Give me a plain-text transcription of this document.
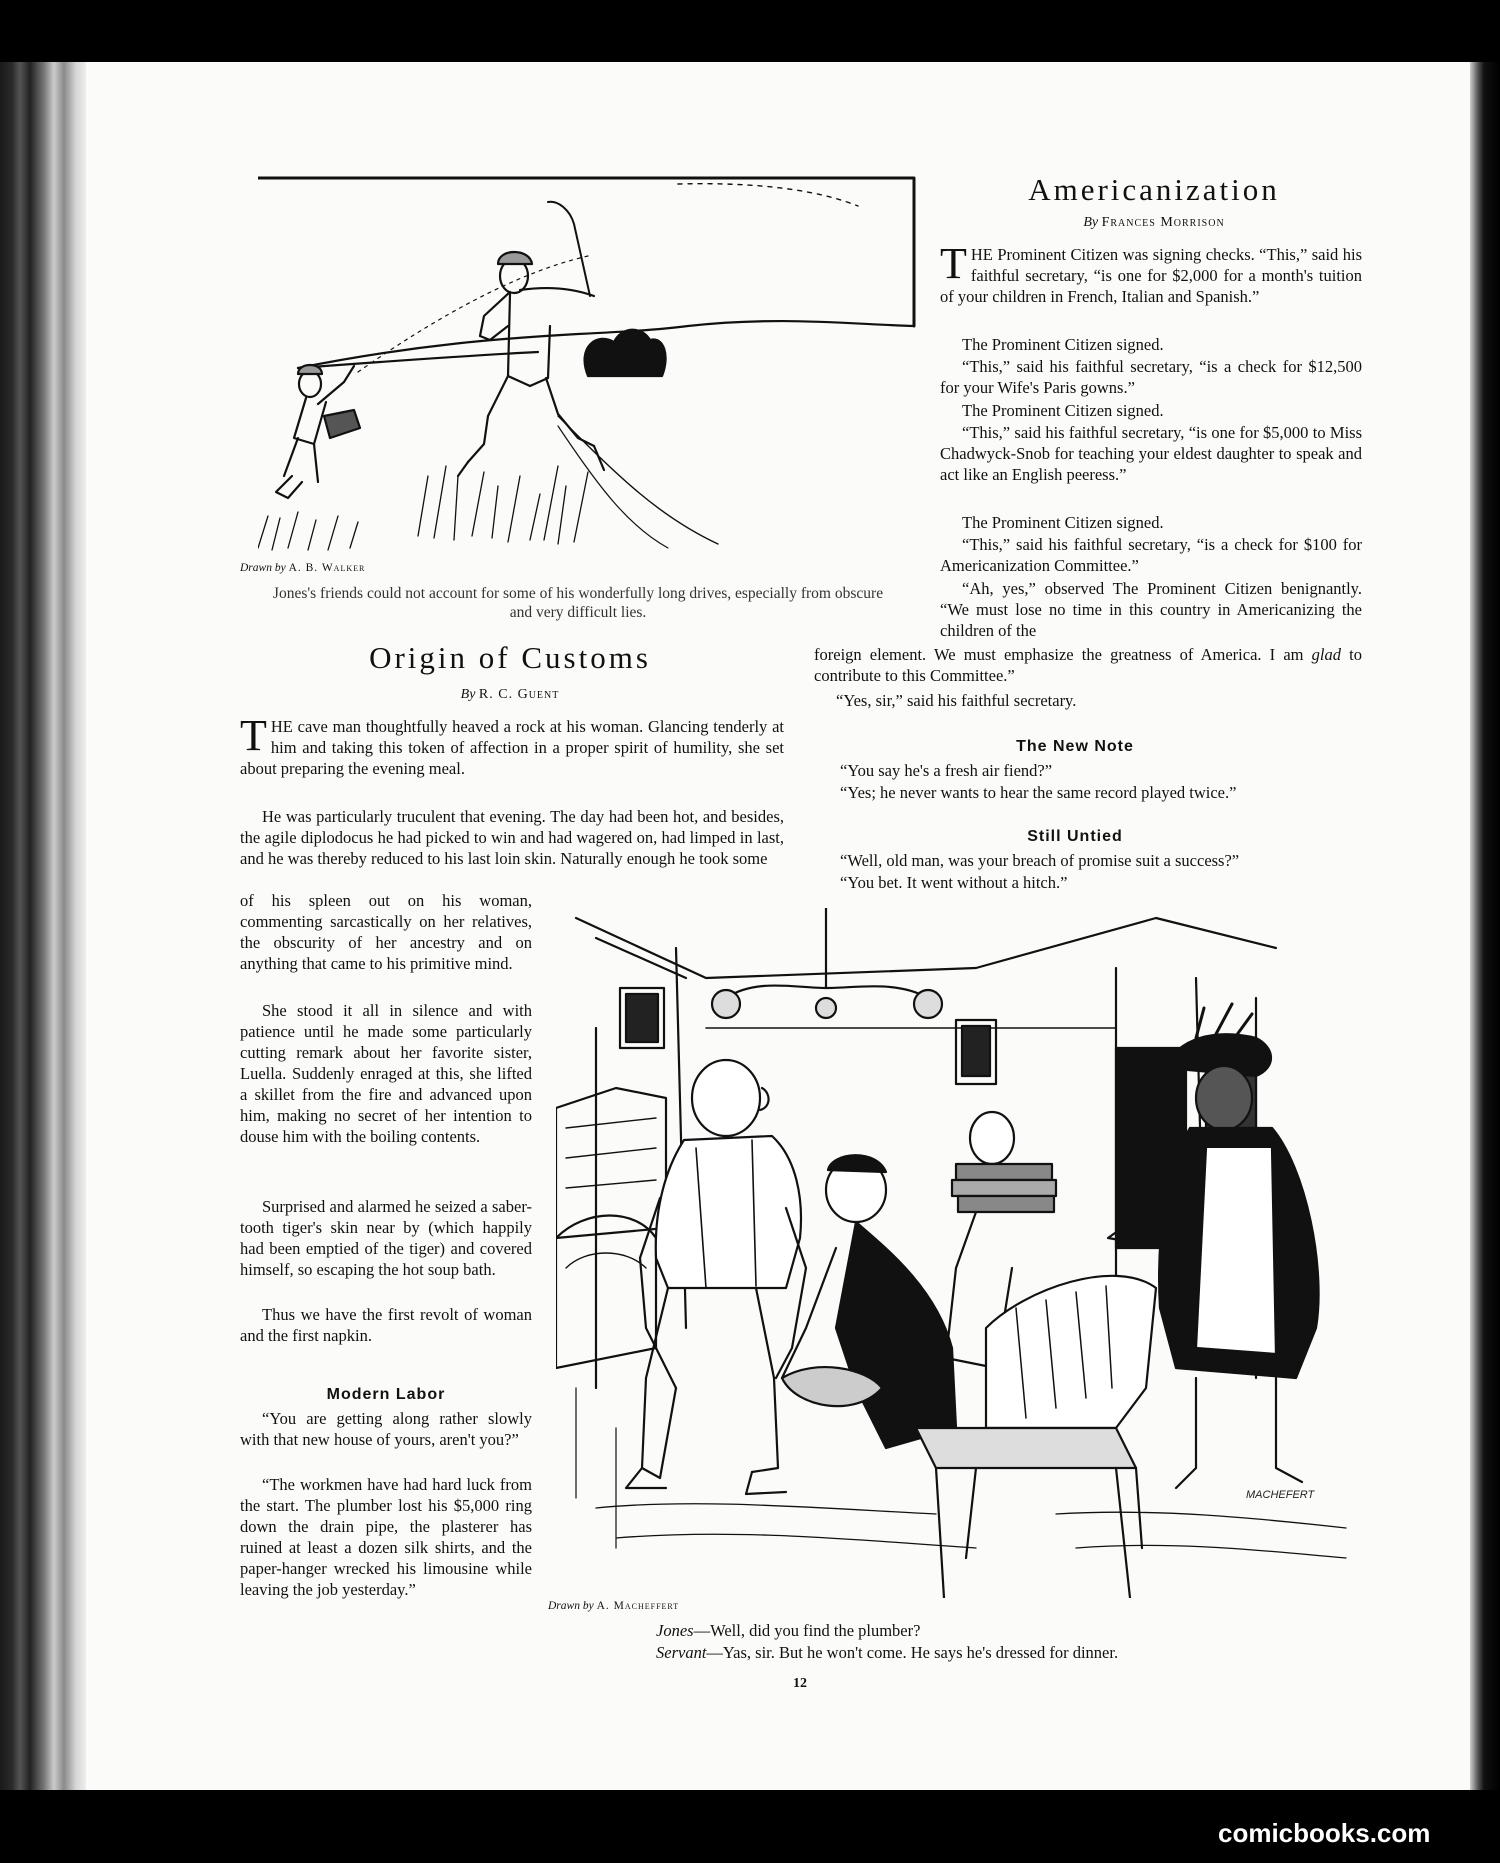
Drawn by A. B. Walker
Jones's friends could not account for some of his wonderfully long drives, especially from obscure and very difficult lies.
Americanization
By Frances Morrison
THE Prominent Citizen was signing checks. “This,” said his faithful secretary, “is one for $2,000 for a month's tuition of your children in French, Italian and Spanish.”
The Prominent Citizen signed.
“This,” said his faithful secretary, “is a check for $12,500 for your Wife's Paris gowns.”
The Prominent Citizen signed.
“This,” said his faithful secretary, “is one for $5,000 to Miss Chadwyck-Snob for teaching your eldest daughter to speak and act like an English peeress.”
The Prominent Citizen signed.
“This,” said his faithful secretary, “is a check for $100 for Americanization Committee.”
“Ah, yes,” observed The Prominent Citizen benignantly. “We must lose no time in this country in Americanizing the children of the
foreign element. We must emphasize the greatness of America. I am glad to contribute to this Committee.”
“Yes, sir,” said his faithful secretary.
The New Note
“You say he's a fresh air fiend?”
“Yes; he never wants to hear the same record played twice.”
Still Untied
“Well, old man, was your breach of promise suit a success?”
“You bet. It went without a hitch.”
Origin of Customs
By R. C. Guent
THE cave man thoughtfully heaved a rock at his woman. Glancing tenderly at him and taking this token of affection in a proper spirit of humility, she set about preparing the evening meal.
He was particularly truculent that evening. The day had been hot, and besides, the agile diplodocus he had picked to win and had wagered on, had limped in last, and he was thereby reduced to his last loin skin. Naturally enough he took some
of his spleen out on his woman, commenting sarcastically on her relatives, the obscurity of her ancestry and on anything that came to his primitive mind.
She stood it all in silence and with patience until he made some particularly cutting remark about her favorite sister, Luella. Suddenly enraged at this, she lifted a skillet from the fire and advanced upon him, making no secret of her intention to douse him with the boiling contents.
Surprised and alarmed he seized a saber-tooth tiger's skin near by (which happily had been emptied of the tiger) and covered himself, so escaping the hot soup bath.
Thus we have the first revolt of woman and the first napkin.
Modern Labor
“You are getting along rather slowly with that new house of yours, aren't you?”
“The workmen have had hard luck from the start. The plumber lost his $5,000 ring down the drain pipe, the plasterer has ruined at least a dozen silk shirts, and the paper-hanger wrecked his limousine while leaving the job yesterday.”
MACHEFERT
Drawn by A. Macheffert
Jones—Well, did you find the plumber?
Servant—Yas, sir. But he won't come. He says he's dressed for dinner.
12
comicbooks.com
